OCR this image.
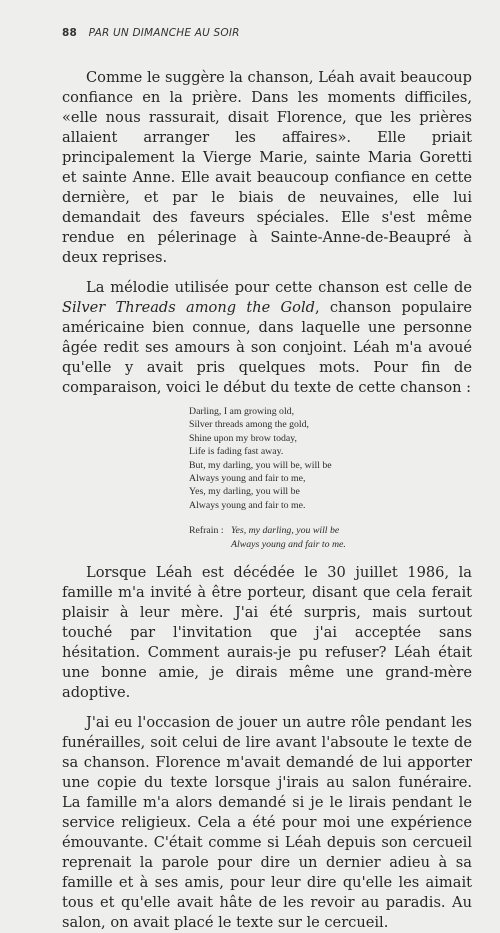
88 PAR UN DIMANCHE AU SOIR

Comme le suggère la chanson, Léah avait beaucoup confiance en la prière. Dans les moments difficiles, «elle nous rassurait, disait Florence, que les prières allaient arranger les affaires». Elle priait principalement la Vierge Marie, sainte Maria Goretti et sainte Anne. Elle avait beaucoup confiance en cette dernière, et par le biais de neuvaines, elle lui demandait des faveurs spéciales. Elle s'est même rendue en pélerinage à Sainte-Anne-de-Beaupré à deux reprises.

La mélodie utilisée pour cette chanson est celle de Silver Threads among the Gold, chanson populaire américaine bien connue, dans laquelle une personne âgée redit ses amours à son conjoint. Léah m'a avoué qu'elle y avait pris quelques mots. Pour fin de comparaison, voici le début du texte de cette chanson :

Darling, I am growing old,
Silver threads among the gold,
Shine upon my brow today,
Life is fading fast away.
But, my darling, you will be, will be
Always young and fair to me,
Yes, my darling, you will be
Always young and fair to me.
Refrain : Yes, my darling, you will be
Always young and fair to me.

Lorsque Léah est décédée le 30 juillet 1986, la famille m'a invité à être porteur, disant que cela ferait plaisir à leur mère. J'ai été surpris, mais surtout touché par l'invitation que j'ai acceptée sans hésitation. Comment aurais-je pu refuser? Léah était une bonne amie, je dirais même une grand-mère adoptive.

J'ai eu l'occasion de jouer un autre rôle pendant les funérailles, soit celui de lire avant l'absoute le texte de sa chanson. Florence m'avait demandé de lui apporter une copie du texte lorsque j'irais au salon funéraire. La famille m'a alors demandé si je le lirais pendant le service religieux. Cela a été pour moi une expérience émouvante. C'était comme si Léah depuis son cercueil reprenait la parole pour dire un dernier adieu à sa famille et à ses amis, pour leur dire qu'elle les aimait tous et qu'elle avait hâte de les revoir au paradis. Au salon, on avait placé le texte sur le cercueil.
